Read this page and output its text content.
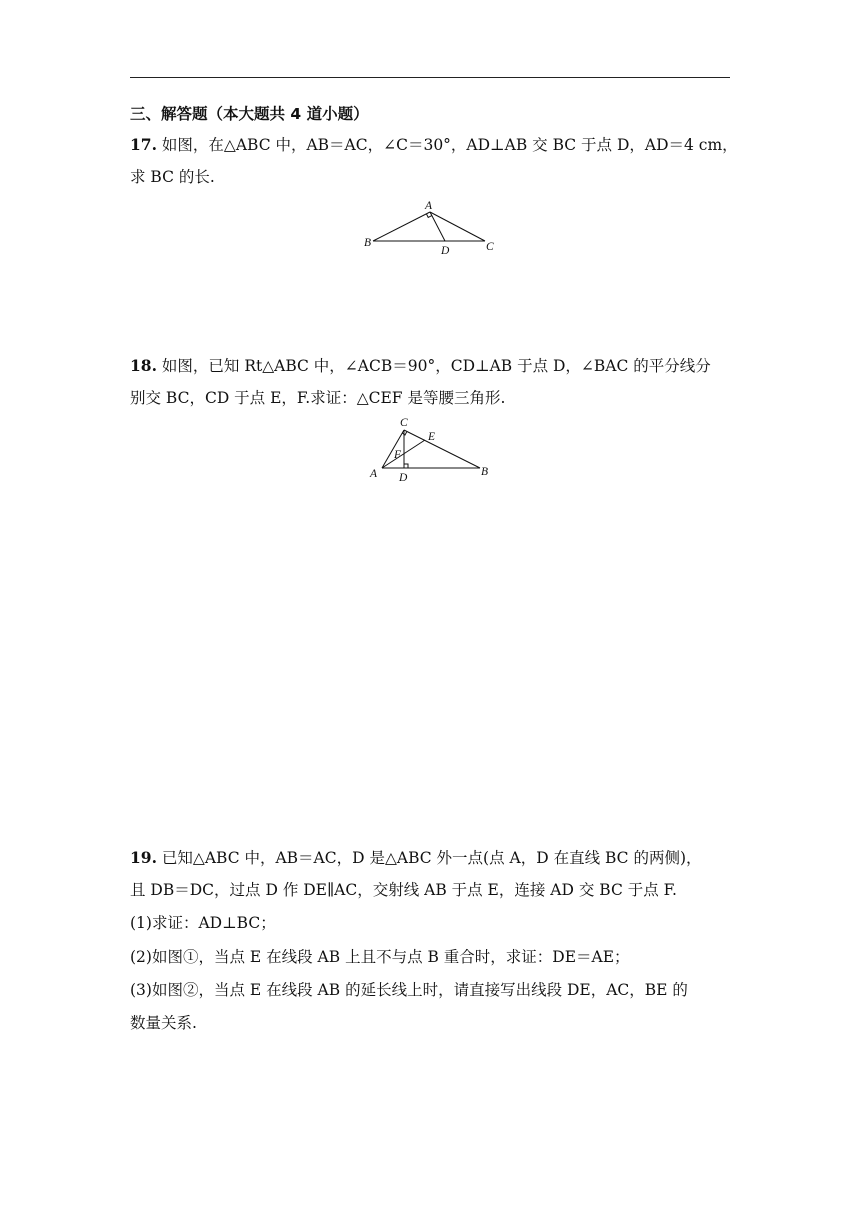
三、解答题（本大题共 4 道小题）
17. 如图，在△ABC 中，AB＝AC，∠C＝30°，AD⊥AB 交 BC 于点 D，AD＝4 cm，
求 BC 的长.
A
B	C
D
18. 如图，已知 Rt△ABC 中，∠ACB＝90°，CD⊥AB 于点 D，∠BAC 的平分线分
别交 BC，CD 于点 E，F.求证：△CEF 是等腰三角形.
C
E
F
A D	B
19. 已知△ABC 中，AB＝AC，D 是△ABC 外一点(点 A，D 在直线 BC 的两侧)，
且 DB＝DC，过点 D 作 DE∥AC，交射线 AB 于点 E，连接 AD 交 BC 于点 F.
(1)求证：AD⊥BC；
(2)如图①，当点 E 在线段 AB 上且不与点 B 重合时，求证：DE＝AE；
(3)如图②，当点 E 在线段 AB 的延长线上时，请直接写出线段 DE，AC，BE 的
数量关系.
